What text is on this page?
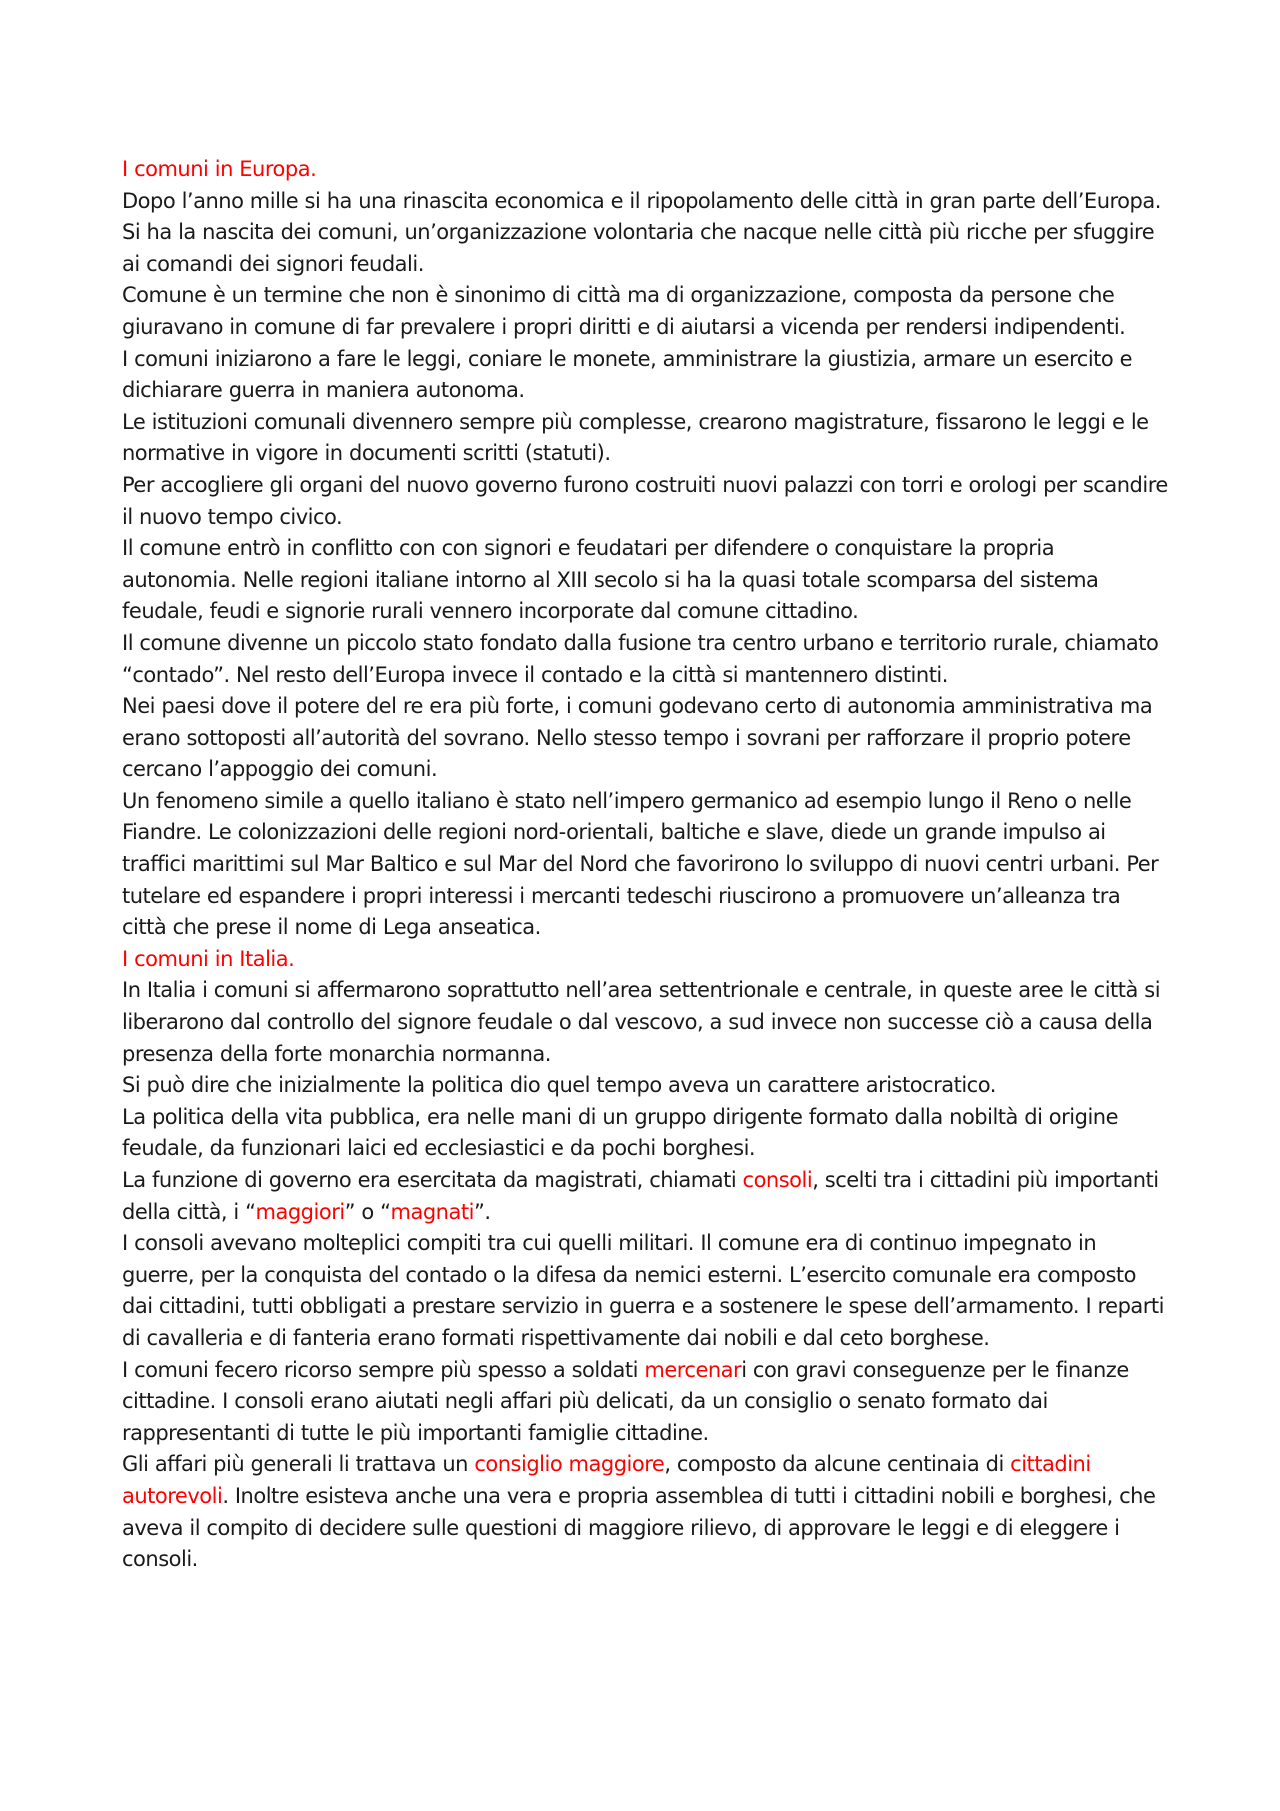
I comuni in Europa.

Dopo l’anno mille si ha una rinascita economica e il ripopolamento delle città in gran parte dell’Europa.

Si ha la nascita dei comuni, un’organizzazione volontaria che nacque nelle città più ricche per sfuggire ai comandi dei signori feudali.

Comune è un termine che non è sinonimo di città ma di organizzazione, composta da persone che giuravano in comune di far prevalere i propri diritti e di aiutarsi a vicenda per rendersi indipendenti.

I comuni iniziarono a fare le leggi, coniare le monete, amministrare la giustizia, armare un esercito e dichiarare guerra in maniera autonoma.

Le istituzioni comunali divennero sempre più complesse, crearono magistrature, fissarono le leggi e le normative in vigore in documenti scritti (statuti).

Per accogliere gli organi del nuovo governo furono costruiti nuovi palazzi con torri e orologi per scandire il nuovo tempo civico.

Il comune entrò in conflitto con con signori e feudatari per difendere o conquistare la propria autonomia. Nelle regioni italiane intorno al XIII secolo si ha la quasi totale scomparsa del sistema feudale, feudi e signorie rurali vennero incorporate dal comune cittadino.

Il comune divenne un piccolo stato fondato dalla fusione tra centro urbano e territorio rurale, chiamato “contado”. Nel resto dell’Europa invece il contado e la città si mantennero distinti.

Nei paesi dove il potere del re era più forte, i comuni godevano certo di autonomia amministrativa ma erano sottoposti all’autorità del sovrano. Nello stesso tempo i sovrani per rafforzare il proprio potere cercano l’appoggio dei comuni.

Un fenomeno simile a quello italiano è stato nell’impero germanico ad esempio lungo il Reno o nelle Fiandre. Le colonizzazioni delle regioni nord-orientali, baltiche e slave, diede un grande impulso ai traffici marittimi sul Mar Baltico e sul Mar del Nord che favorirono lo sviluppo di nuovi centri urbani. Per tutelare ed espandere i propri interessi i mercanti tedeschi riuscirono a promuovere un’alleanza tra città che prese il nome di Lega anseatica.

I comuni in Italia.

In Italia i comuni si affermarono soprattutto nell’area settentrionale e centrale, in queste aree le città si liberarono dal controllo del signore feudale o dal vescovo, a sud invece non successe ciò a causa della presenza della forte monarchia normanna.

Si può dire che inizialmente la politica dio quel tempo aveva un carattere aristocratico.

La politica della vita pubblica, era nelle mani di un gruppo dirigente formato dalla nobiltà di origine feudale, da funzionari laici ed ecclesiastici e da pochi borghesi.

La funzione di governo era esercitata da magistrati, chiamati consoli, scelti tra i cittadini più importanti della città, i “maggiori” o “magnati”.

I consoli avevano molteplici compiti tra cui quelli militari. Il comune era di continuo impegnato in guerre, per la conquista del contado o la difesa da nemici esterni. L’esercito comunale era composto dai cittadini, tutti obbligati a prestare servizio in guerra e a sostenere le spese dell’armamento. I reparti di cavalleria e di fanteria erano formati rispettivamente dai nobili e dal ceto borghese.

I comuni fecero ricorso sempre più spesso a soldati mercenari con gravi conseguenze per le finanze cittadine. I consoli erano aiutati negli affari più delicati, da un consiglio o senato formato dai rappresentanti di tutte le più importanti famiglie cittadine.

Gli affari più generali li trattava un consiglio maggiore, composto da alcune centinaia di cittadini autorevoli. Inoltre esisteva anche una vera e propria assemblea di tutti i cittadini nobili e borghesi, che aveva il compito di decidere sulle questioni di maggiore rilievo, di approvare le leggi e di eleggere i consoli.
